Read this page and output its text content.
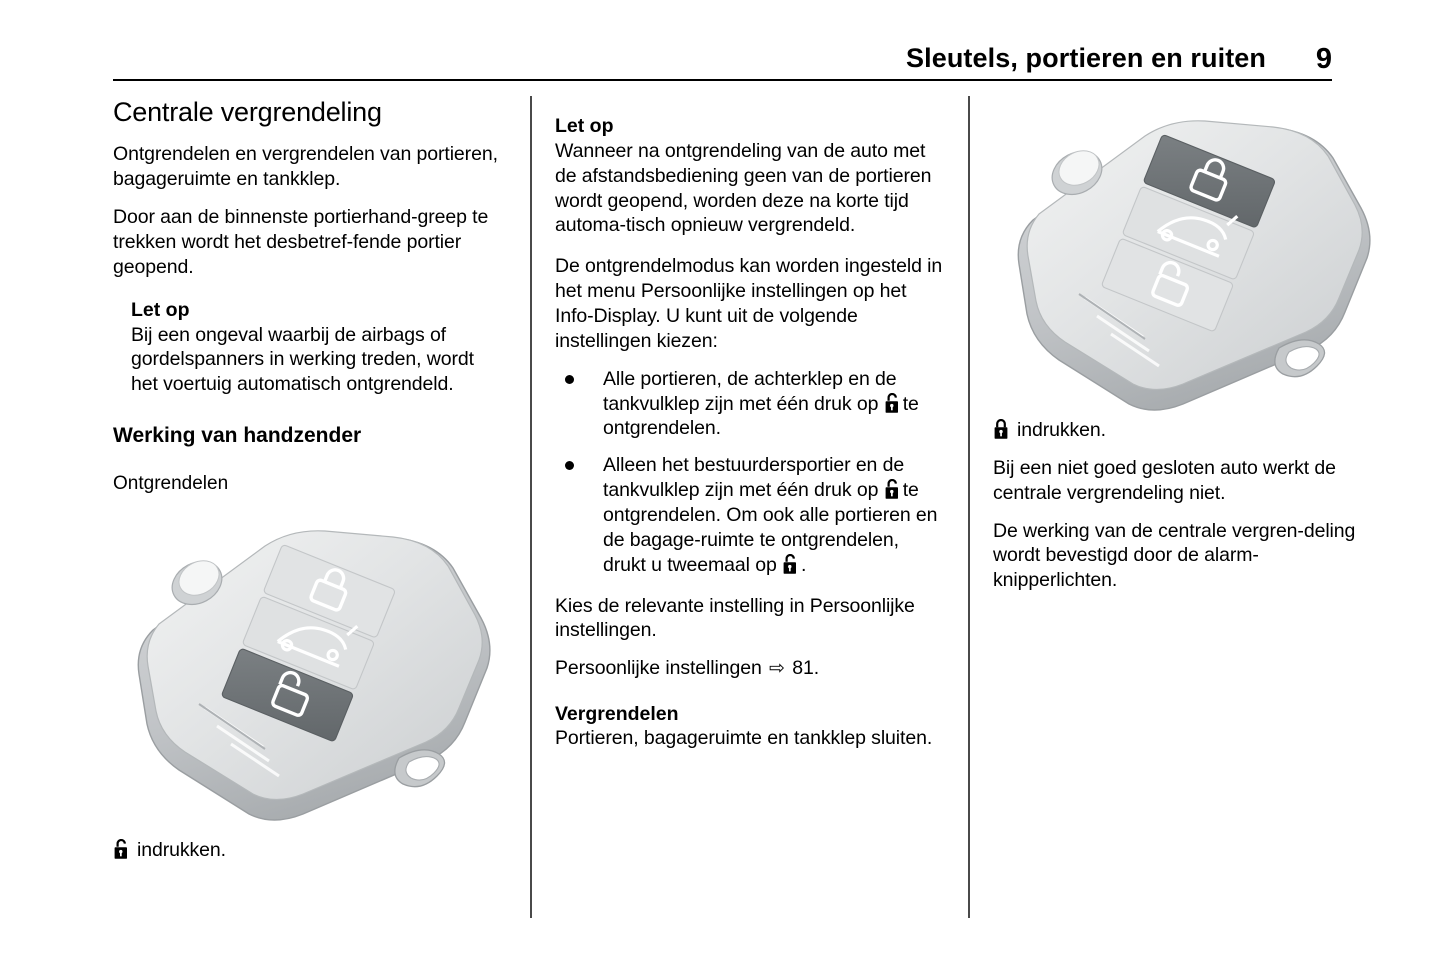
Sleutels, portieren en ruiten 9
Centrale vergrendeling

Ontgrendelen en vergrendelen van portieren, bagageruimte en tankklep.

Door aan de binnenste portierhand-greep te trekken wordt het desbetref-fende portier geopend.

Let op
Bij een ongeval waarbij de airbags of gordelspanners in werking treden, wordt het voertuig automatisch ontgrendeld.
Werking van handzender
Ontgrendelen
indrukken.
Let op
Wanneer na ontgrendeling van de auto met de afstandsbediening geen van de portieren wordt geopend, worden deze na korte tijd automa-tisch opnieuw vergrendeld.

De ontgrendelmodus kan worden ingesteld in het menu Persoonlijke instellingen op het Info-Display. U kunt uit de volgende instellingen kiezen:

Alle portieren, de achterklep en de tankvulklep zijn met één druk op te ontgrendelen.
Alleen het bestuurdersportier en de tankvulklep zijn met één druk op te ontgrendelen. Om ook alle portieren en de bagage-ruimte te ontgrendelen, drukt u tweemaal op .

Kies de relevante instelling in Persoonlijke instellingen.

Persoonlijke instellingen ⇨ 81.

Vergrendelen
Portieren, bagageruimte en tankklep sluiten.
indrukken.

Bij een niet goed gesloten auto werkt de centrale vergrendeling niet.

De werking van de centrale vergren-deling wordt bevestigd door de alarm-knipperlichten.
